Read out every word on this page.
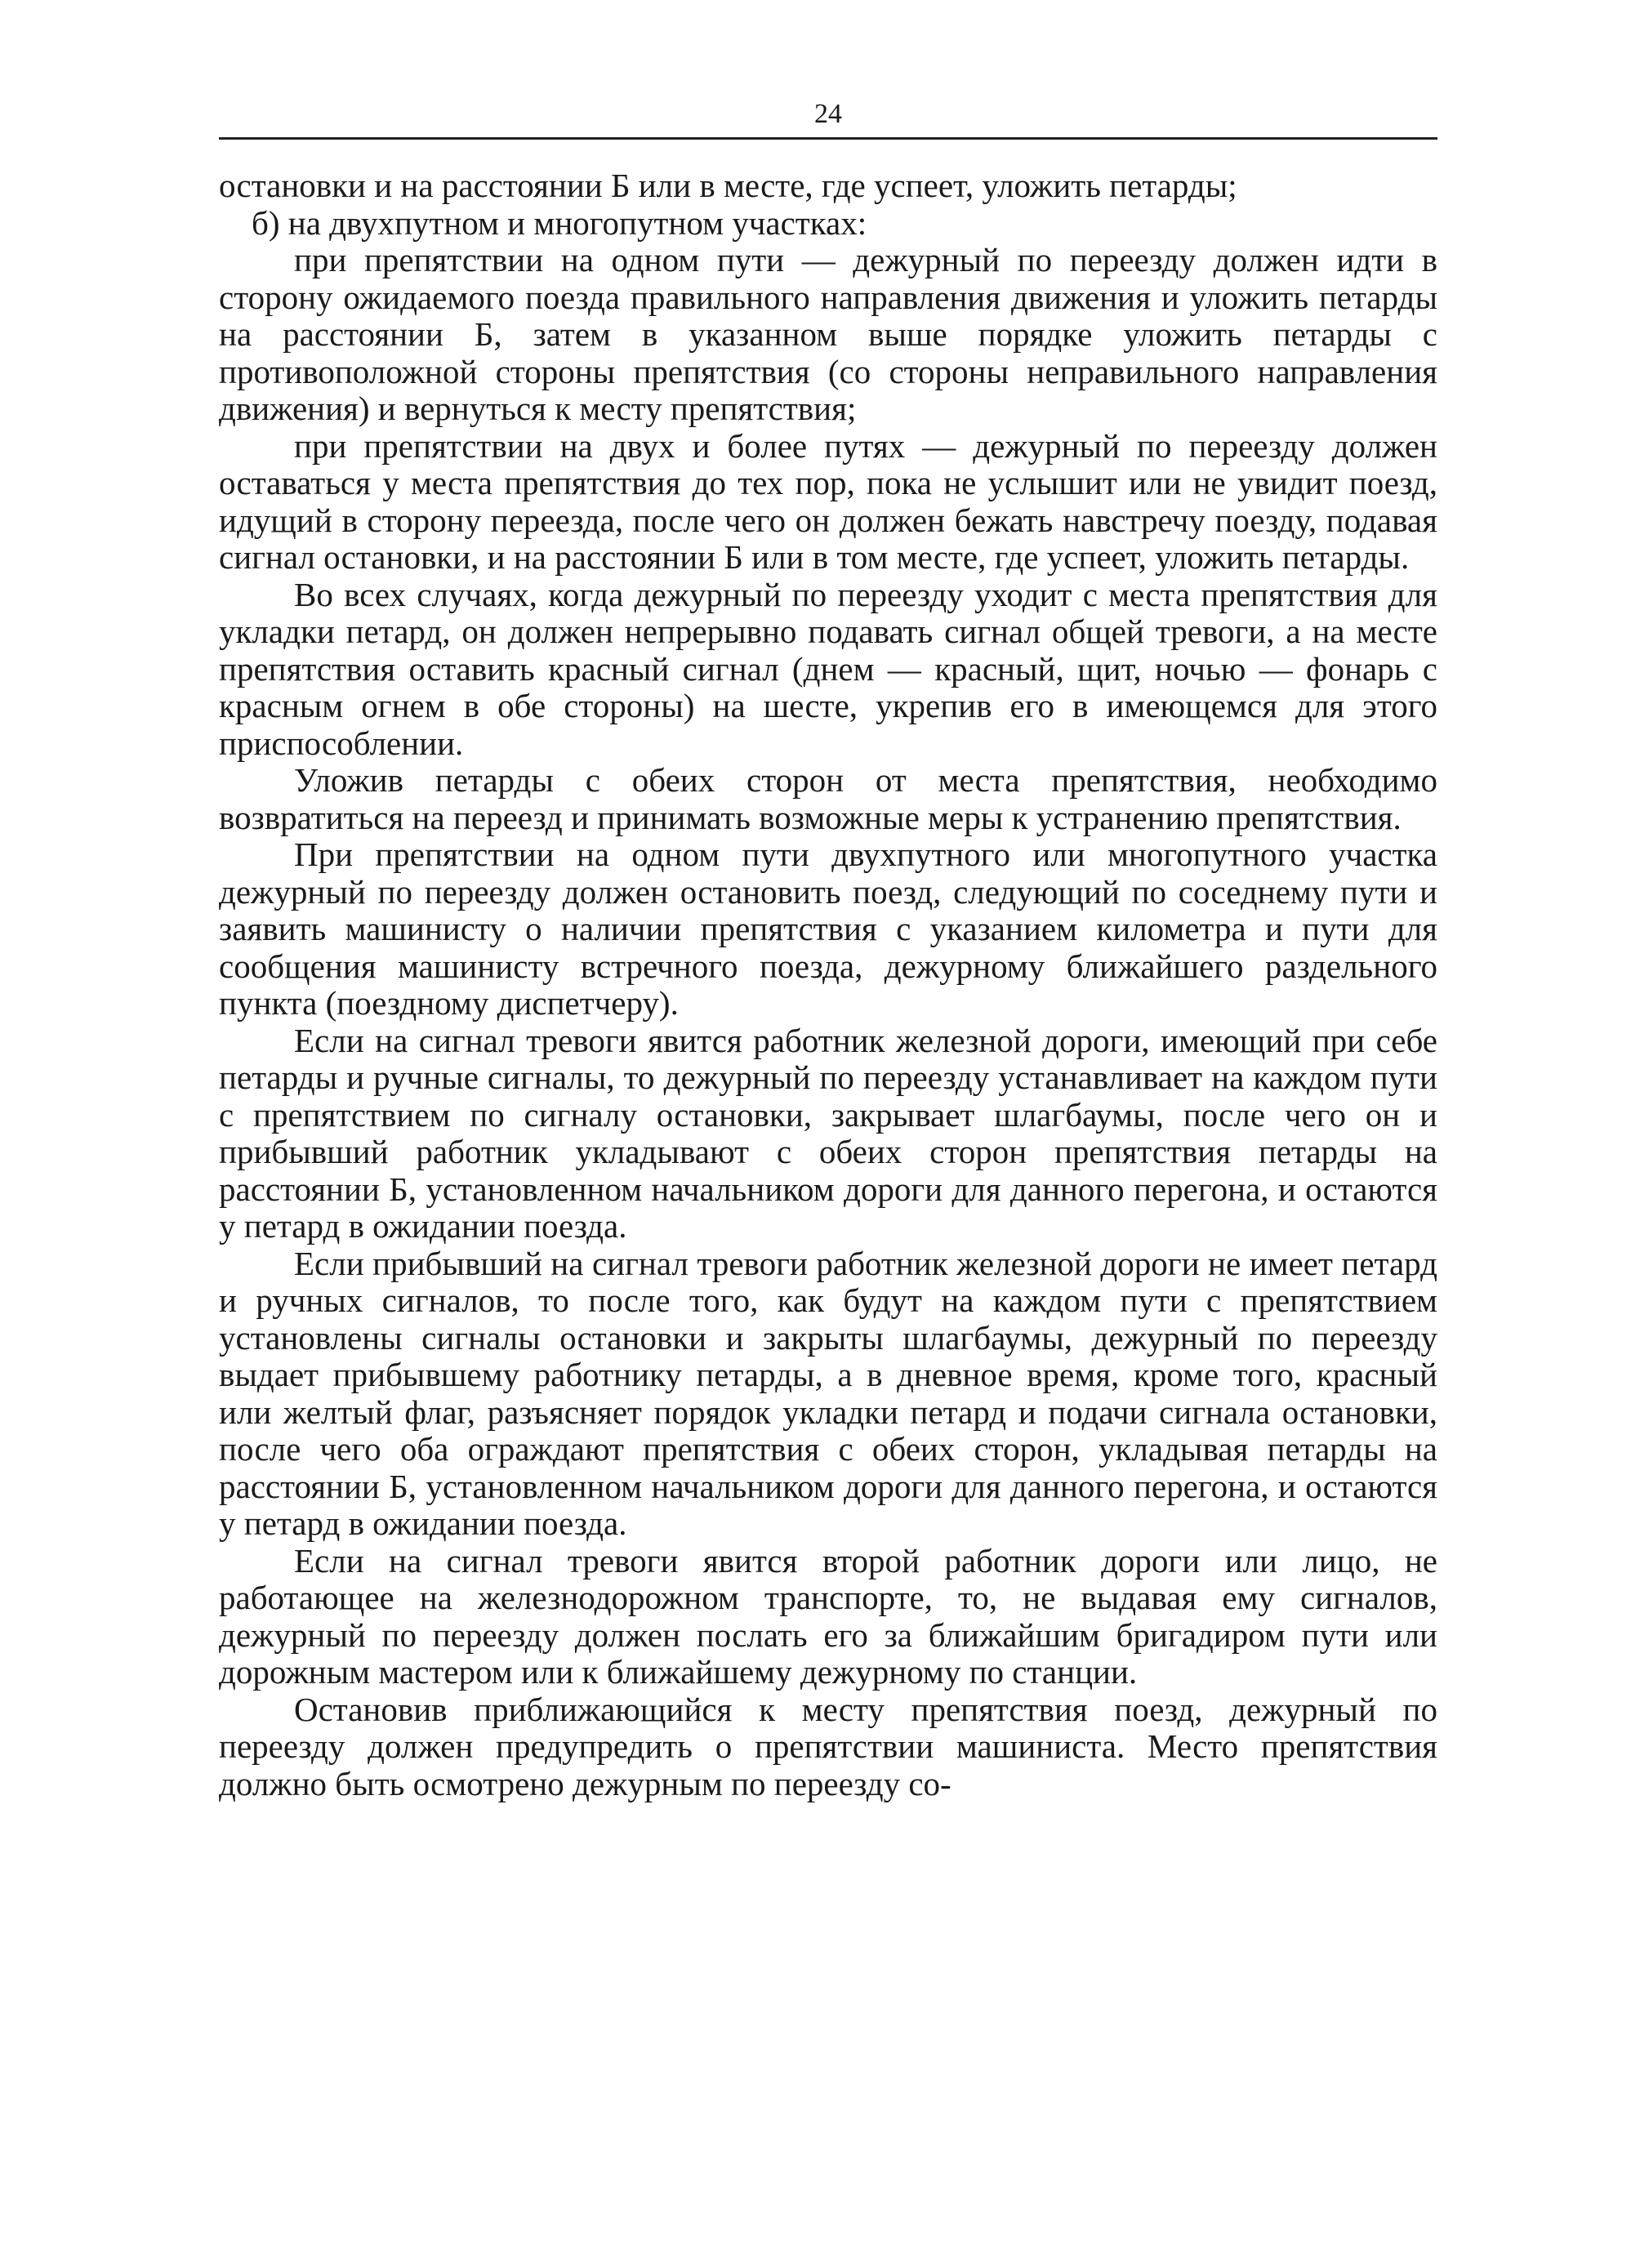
24

остановки и на расстоянии Б или в месте, где успеет, уложить петарды;

б) на двухпутном и многопутном участках:

при препятствии на одном пути — дежурный по переезду должен идти в сторону ожидаемого поезда правильного направления движения и уложить петарды на расстоянии Б, затем в указанном выше порядке уложить петарды с противоположной стороны препятствия (со стороны неправильного направления движения) и вернуться к месту препятствия;

при препятствии на двух и более путях — дежурный по переезду должен оставаться у места препятствия до тех пор, пока не услышит или не увидит поезд, идущий в сторону переезда, после чего он должен бежать навстречу поезду, подавая сигнал остановки, и на расстоянии Б или в том месте, где успеет, уложить петарды.

Во всех случаях, когда дежурный по переезду уходит с места препятствия для укладки петард, он должен непрерывно подавать сигнал общей тревоги, а на месте препятствия оставить красный сигнал (днем — красный, щит, ночью — фонарь с красным огнем в обе стороны) на шесте, укрепив его в имеющемся для этого приспособлении.

Уложив петарды с обеих сторон от места препятствия, необходимо возвратиться на переезд и принимать возможные меры к устранению препятствия.

При препятствии на одном пути двухпутного или многопутного участка дежурный по переезду должен остановить поезд, следующий по соседнему пути и заявить машинисту о наличии препятствия с указанием километра и пути для сообщения машинисту встречного поезда, дежурному ближайшего раздельного пункта (поездному диспетчеру).

Если на сигнал тревоги явится работник железной дороги, имеющий при себе петарды и ручные сигналы, то дежурный по переезду устанавливает на каждом пути с препятствием по сигналу остановки, закрывает шлагбаумы, после чего он и прибывший работник укладывают с обеих сторон препятствия петарды на расстоянии Б, установленном начальником дороги для данного перегона, и остаются у петард в ожидании поезда.

Если прибывший на сигнал тревоги работник железной дороги не имеет петард и ручных сигналов, то после того, как будут на каждом пути с препятствием установлены сигналы остановки и закрыты шлагбаумы, дежурный по переезду выдает прибывшему работнику петарды, а в дневное время, кроме того, красный или желтый флаг, разъясняет порядок укладки петард и подачи сигнала остановки, после чего оба ограждают препятствия с обеих сторон, укладывая петарды на расстоянии Б, установленном начальником дороги для данного перегона, и остаются у петард в ожидании поезда.

Если на сигнал тревоги явится второй работник дороги или лицо, не работающее на железнодорожном транспорте, то, не выдавая ему сигналов, дежурный по переезду должен послать его за ближайшим бригадиром пути или дорожным мастером или к ближайшему дежурному по станции.

Остановив приближающийся к месту препятствия поезд, дежурный по переезду должен предупредить о препятствии машиниста. Место препятствия должно быть осмотрено дежурным по переезду со-
